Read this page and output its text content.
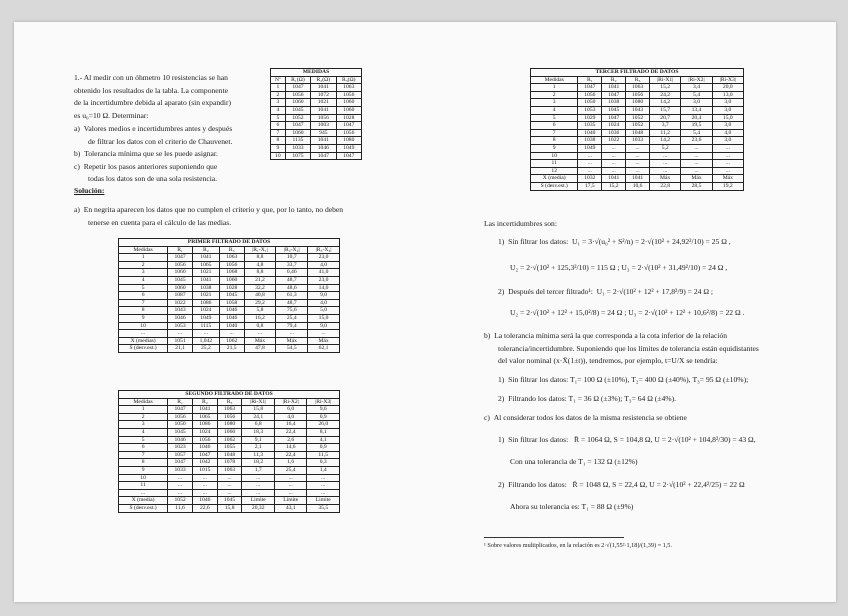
1.- Al medir con un óhmetro 10 resistencias se han
obtenido los resultados de la tabla. La componente
de la incertidumbre debida al aparato (sin expandir)
es u₀=10 Ω. Determinar:
a) Valores medios e incertidumbres antes y después
de filtrar los datos con el criterio de Chauvenet.
b) Tolerancia mínima que se les puede asignar.
c) Repetir los pasos anteriores suponiendo que
todas los datos son de una sola resistencia.
MEDIDAS			
Nº	R₁(Ω)	R₂(Ω)	R₃(Ω)
1	1047	1041	1063
2	1056	1072	1056
3	1060	1021	1060
4	1045	1041	1060
5	1052	1056	1028
6	1047	1003	1047
7	1060	945	1056
8	1135	1041	1080
9	1033	1046	1049
10	1075	1047	1047
Solución:
a) En negrita aparecen los datos que no cumplen el criterio y que, por lo tanto, no deben
tenerse en cuenta para el cálculo de las medias.
PRIMER FILTRADO DE DATOS						
Medidas	R₁	R₂	R₃	|R₁-X̄₁|	|R₂-X̄₂|	|R₃-X̄₃|
1	1047	1041	1063	8,8	10,7	23,0
2	1056	1065	1056	4,8	33,7	4,0
3	1060	1021	1068	8,8	0,46	41,0
4	1045	1041	1060	21,2	48,7	23,0
5	1060	1038	1028	32,2	48,6	14,0
6	1087	1021	1045	40,8	61,3	9,0
7	1022	1086	1058	29,2	48,7	4,0
8	1043	1024	1046	5,8	75,6	5,0
9	1046	1049	1046	16,2	25,4	15,0
10	1053	1115	1040	0,8	79,4	9,0
...	...	...	...	...	...	...
X (medias)	1051	1,042	1062	Máx	Máx	Máx
S (desv.est.)	21,1	25,2	21,5	47,8	54,5	62,1
SEGUNDO FILTRADO DE DATOS						
Medidas	R₁	R₂	R₃	|Ri-X̄1|	|Ri-X̄2|	|Ri-X̄3|
1	1047	1041	1063	15,8	6,0	9,6
2	1056	1065	1056	24,1	4,0	0,9
3	1050	1086	1080	6,8	16,4	26,0
4	1045	1024	1060	18,3	22,4	8,1
5	1046	1056	1062	9,1	2,6	4,1
6	1023	1046	1055	2,1	14,6	0,9
7	1057	1047	1048	11,3	22,4	11,5
8	1047	1042	1078	18,2	1,6	0,3
9	1033	1015	1063	1,7	25,4	1,4
10	...	...	...	...	...	...
11	...	...	...	...	...	...
...	...	...	...	...	...	...
X (media)	1052	1046	1045	Limite	Limite	Limite
S (desv.est.)	11,6	22,6	15,8	20,32	43,1	35,5
TERCER FILTRADO DE DATOS						
Medidas	R₁	R₂	R₃	|Ri-X̄1|	|Ri-X̄2|	|Ri-X̄3|
1	1047	1041	1063	15,2	3,4	20,0
2	1056	1047	1056	24,2	5,4	13,0
3	1050	1038	1080	14,2	3,0	3,0
4	1053	1045	1043	15,7	13,4	3,0
5	1029	1047	1052	20,7	20,4	15,0
6	1035	1024	1052	3,7	19,5	3,0
7	1040	1036	1048	11,2	5,4	4,0
8	1038	1022	1033	14,2	23,6	3,0
9	1049	...	...	5,2	...	...
10	...	...	...	...	...	...
11	...	...	...	...	...	...
12	...	...	...	...	...	...
X (media)	1032	1041	1041	Máx	Máx	Máx
S (desv.est.)	17,5	15,2	10,6	22,8	28,5	19,2
Las incertidumbres son:
1) Sin filtrar los datos: U₁ = 3·√(u₀² + S²/n) = 2·√(10² + 24,92²/10) = 25 Ω ,
U₂ = 2·√(10² + 125,3²/10) = 115 Ω ; U₃ = 2·√(10² + 31,49²/10) = 24 Ω ,
2) Después del tercer filtrado¹: U₁ = 2·√(10² + 12² + 17,8²/9) = 24 Ω ;
U₂ = 2·√(10² + 12² + 15,0²/8) = 24 Ω ; U₃ = 2·√(10² + 12² + 10,6²/8) = 22 Ω .
b) La tolerancia mínima será la que corresponda a la cota inferior de la relación
tolerancia/incertidumbre. Suponiendo que los límites de tolerancia están equidistantes
del valor nominal (x·X̄(1±t)), tendremos, por ejemplo, t=U/X se tendría:
1) Sin filtrar los datos: T₁= 100 Ω (±10%), T₂= 400 Ω (±40%), T₃= 95 Ω (±10%);
2) Filtrando los datos: T₁ = 36 Ω (±3%); T₃= 64 Ω (±4%).
c) Al considerar todos los datos de la misma resistencia se obtiene
1) Sin filtrar los datos: R̄ = 1064 Ω, S = 104,8 Ω, U = 2·√(10² + 104,8²/30) = 43 Ω,
Con una tolerancia de T₁ = 132 Ω (±12%)
2) Filtrando los datos: R̄ = 1048 Ω, S = 22,4 Ω, U = 2·√(10² + 22,4²/25) = 22 Ω
Ahora su tolerancia es: T₁ = 88 Ω (±9%)
¹ Sobre valores multiplicados, en la relación es 2·√(1,55²·1,18)/(1,39) = 1,5.
